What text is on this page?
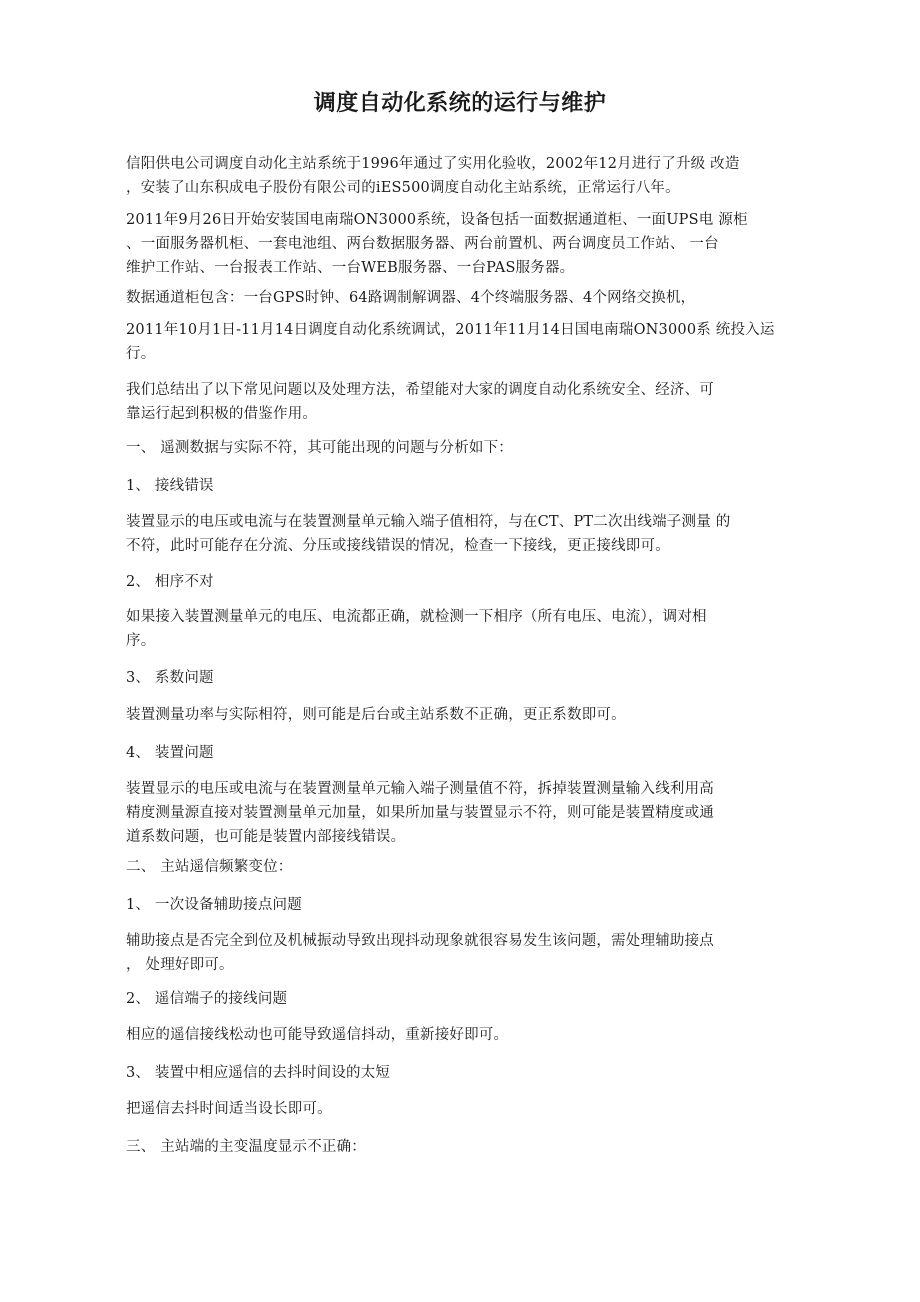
调度自动化系统的运行与维护
信阳供电公司调度自动化主站系统于1996年通过了实用化验收，2002年12月进行了升级 改造
，安装了山东积成电子股份有限公司的iES500调度自动化主站系统，正常运行八年。
2011年9月26日开始安装国电南瑞ON3000系统，设备包括一面数据通道柜、一面UPS电 源柜
、一面服务器机柜、一套电池组、两台数据服务器、两台前置机、两台调度员工作站、 一台
维护工作站、一台报表工作站、一台WEB服务器、一台PAS服务器。
数据通道柜包含：一台GPS时钟、64路调制解调器、4个终端服务器、4个网络交换机，
2011年10月1日-11月14日调度自动化系统调试，2011年11月14日国电南瑞ON3000系 统投入运
行。
我们总结出了以下常见问题以及处理方法，希望能对大家的调度自动化系统安全、经济、可
靠运行起到积极的借鉴作用。
一、 遥测数据与实际不符，其可能出现的问题与分析如下：
1、 接线错误
装置显示的电压或电流与在装置测量单元输入端子值相符，与在CT、PT二次出线端子测量 的
不符，此时可能存在分流、分压或接线错误的情况，检查一下接线，更正接线即可。
2、 相序不对
如果接入装置测量单元的电压、电流都正确，就检测一下相序（所有电压、电流），调对相
序。
3、 系数问题
装置测量功率与实际相符，则可能是后台或主站系数不正确，更正系数即可。
4、 装置问题
装置显示的电压或电流与在装置测量单元输入端子测量值不符，拆掉装置测量输入线利用高
精度测量源直接对装置测量单元加量，如果所加量与装置显示不符，则可能是装置精度或通
道系数问题，也可能是装置内部接线错误。
二、 主站遥信频繁变位：
1、 一次设备辅助接点问题
辅助接点是否完全到位及机械振动导致出现抖动现象就很容易发生该问题，需处理辅助接点
， 处理好即可。
2、 遥信端子的接线问题
相应的遥信接线松动也可能导致遥信抖动，重新接好即可。
3、 装置中相应遥信的去抖时间设的太短
把遥信去抖时间适当设长即可。
三、 主站端的主变温度显示不正确：
